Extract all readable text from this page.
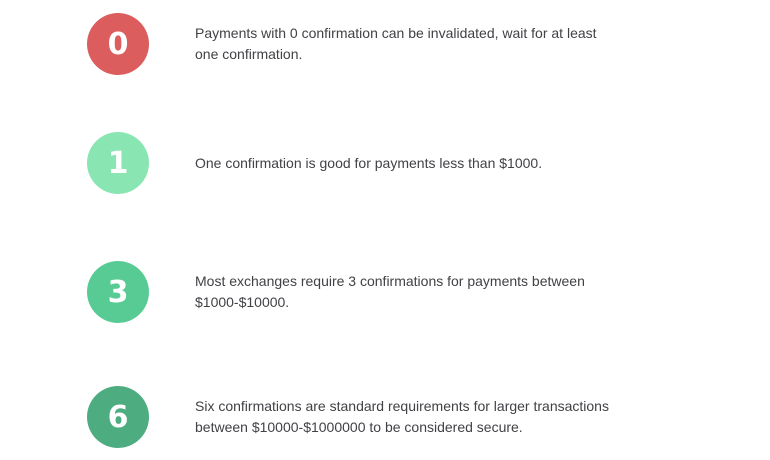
0	Payments with 0 confirmation can be invalidated, wait for at least
one confirmation.
1	One confirmation is good for payments less than $1000.
3	Most exchanges require 3 confirmations for payments between
$1000-$10000.
6	Six confirmations are standard requirements for larger transactions
between $10000-$1000000 to be considered secure.
